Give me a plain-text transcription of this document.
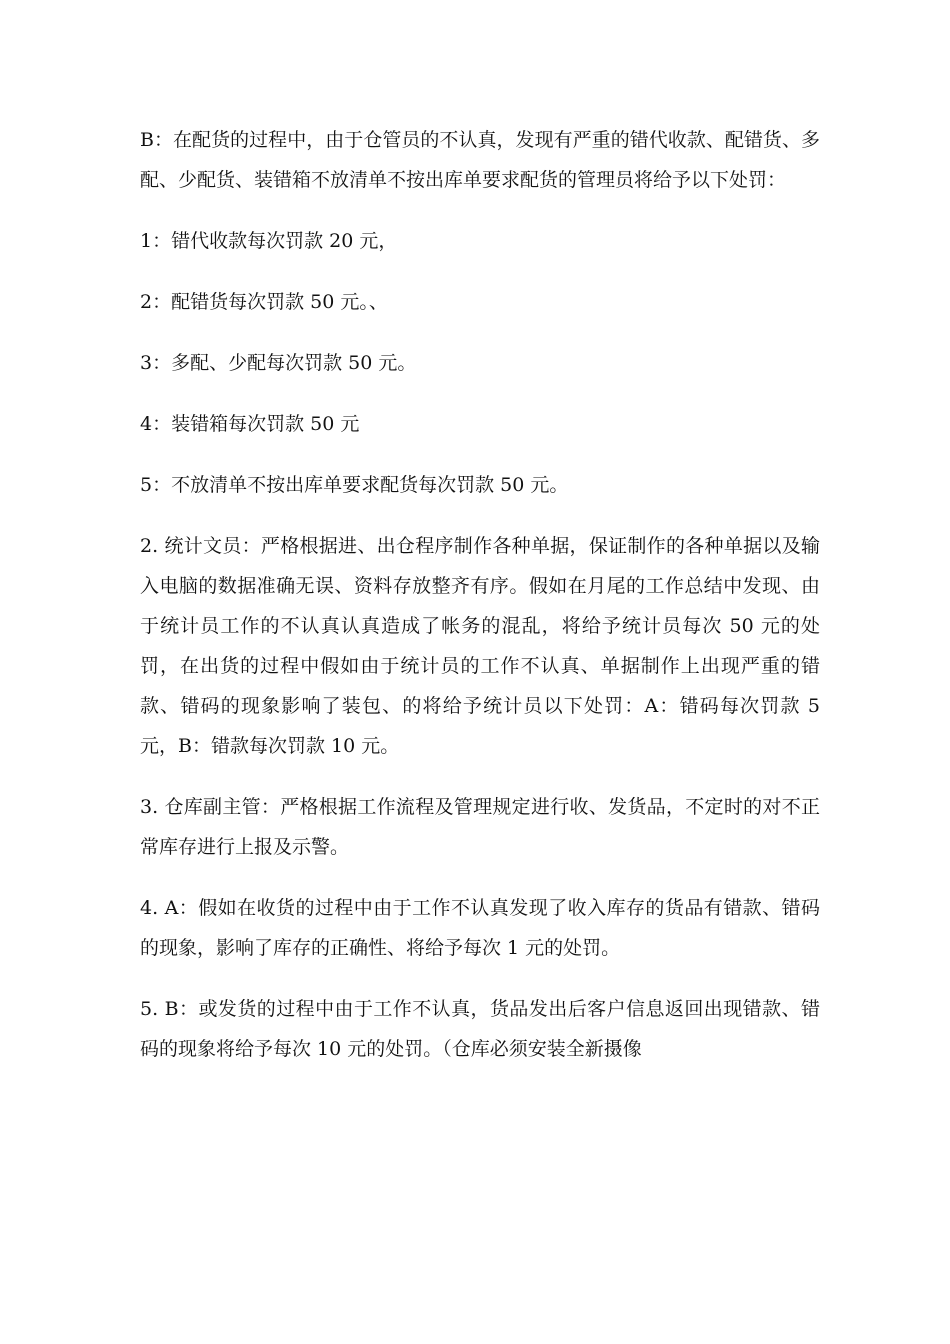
B：在配货的过程中，由于仓管员的不认真，发现有严重的错代收款、配错货、多配、少配货、装错箱不放清单不按出库单要求配货的管理员将给予以下处罚：

1：错代收款每次罚款 20 元，

2：配错货每次罚款 50 元。、

3：多配、少配每次罚款 50 元。

4：装错箱每次罚款 50 元

5：不放清单不按出库单要求配货每次罚款 50 元。

2. 统计文员：严格根据进、出仓程序制作各种单据，保证制作的各种单据以及输入电脑的数据准确无误、资料存放整齐有序。假如在月尾的工作总结中发现、由于统计员工作的不认真认真造成了帐务的混乱，将给予统计员每次 50 元的处罚，在出货的过程中假如由于统计员的工作不认真、单据制作上出现严重的错款、错码的现象影响了装包、的将给予统计员以下处罚：A：错码每次罚款 5 元，B：错款每次罚款 10 元。

3. 仓库副主管：严格根据工作流程及管理规定进行收、发货品，不定时的对不正常库存进行上报及示警。

4. A：假如在收货的过程中由于工作不认真发现了收入库存的货品有错款、错码的现象，影响了库存的正确性、将给予每次 1 元的处罚。

5. B：或发货的过程中由于工作不认真，货品发出后客户信息返回出现错款、错码的现象将给予每次 10 元的处罚。（仓库必须安装全新摄像
